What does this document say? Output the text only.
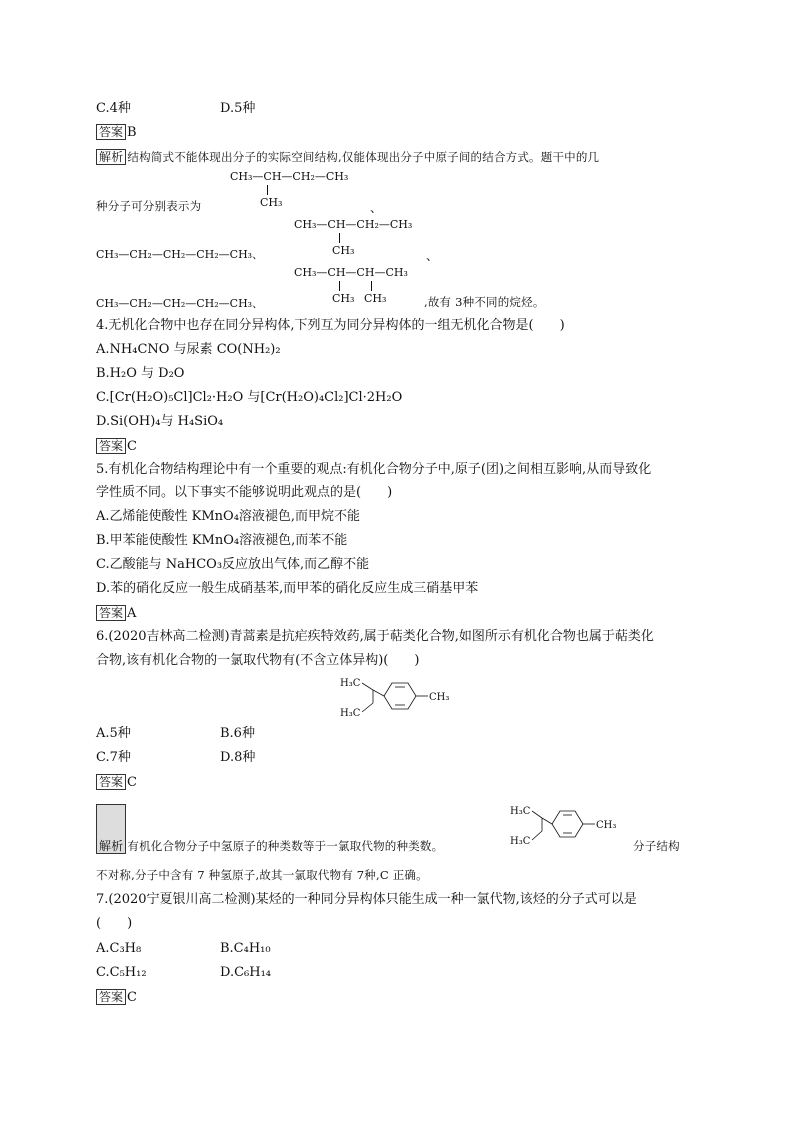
C.4种	D.5种
答案 B
解析 结构简式不能体现出分子的实际空间结构,仅能体现出分子中原子间的结合方式。题干中的几
CH₃—CH—CH₂—CH₃
CH₃
种分子可分别表示为	、
CH₃—CH—CH₂—CH₃
CH₃
CH₃—CH₂—CH₂—CH₂—CH₃、	、
CH₃—CH—CH—CH₃
CH₃ CH₃
CH₃—CH₂—CH₂—CH₂—CH₃、	,故有 3种不同的烷烃。
4.无机化合物中也存在同分异构体,下列互为同分异构体的一组无机化合物是(　　)
A.NH₄CNO 与尿素 CO(NH₂)₂
B.H₂O 与 D₂O
C.[Cr(H₂O)₅Cl]Cl₂·H₂O 与[Cr(H₂O)₄Cl₂]Cl·2H₂O
D.Si(OH)₄与 H₄SiO₄
答案 C
5.有机化合物结构理论中有一个重要的观点:有机化合物分子中,原子(团)之间相互影响,从而导致化
学性质不同。以下事实不能够说明此观点的是(　　)
A.乙烯能使酸性 KMnO₄溶液褪色,而甲烷不能
B.甲苯能使酸性 KMnO₄溶液褪色,而苯不能
C.乙酸能与 NaHCO₃反应放出气体,而乙醇不能
D.苯的硝化反应一般生成硝基苯,而甲苯的硝化反应生成三硝基甲苯
答案 A
6.(2020吉林高二检测)青蒿素是抗疟疾特效药,属于萜类化合物,如图所示有机化合物也属于萜类化
合物,该有机化合物的一氯取代物有(不含立体异构)(　　)
H₃C
H₃C
CH₃
A.5种	B.6种
C.7种	D.8种
答案 C
解析 有机化合物分子中氢原子的种类数等于一氯取代物的种类数。
H₃C
H₃C
CH₃
分子结构
不对称,分子中含有 7 种氢原子,故其一氯取代物有 7种,C 正确。
7.(2020宁夏银川高二检测)某烃的一种同分异构体只能生成一种一氯代物,该烃的分子式可以是
(　　)
A.C₃H₈	B.C₄H₁₀
C.C₅H₁₂	D.C₆H₁₄
答案 C
